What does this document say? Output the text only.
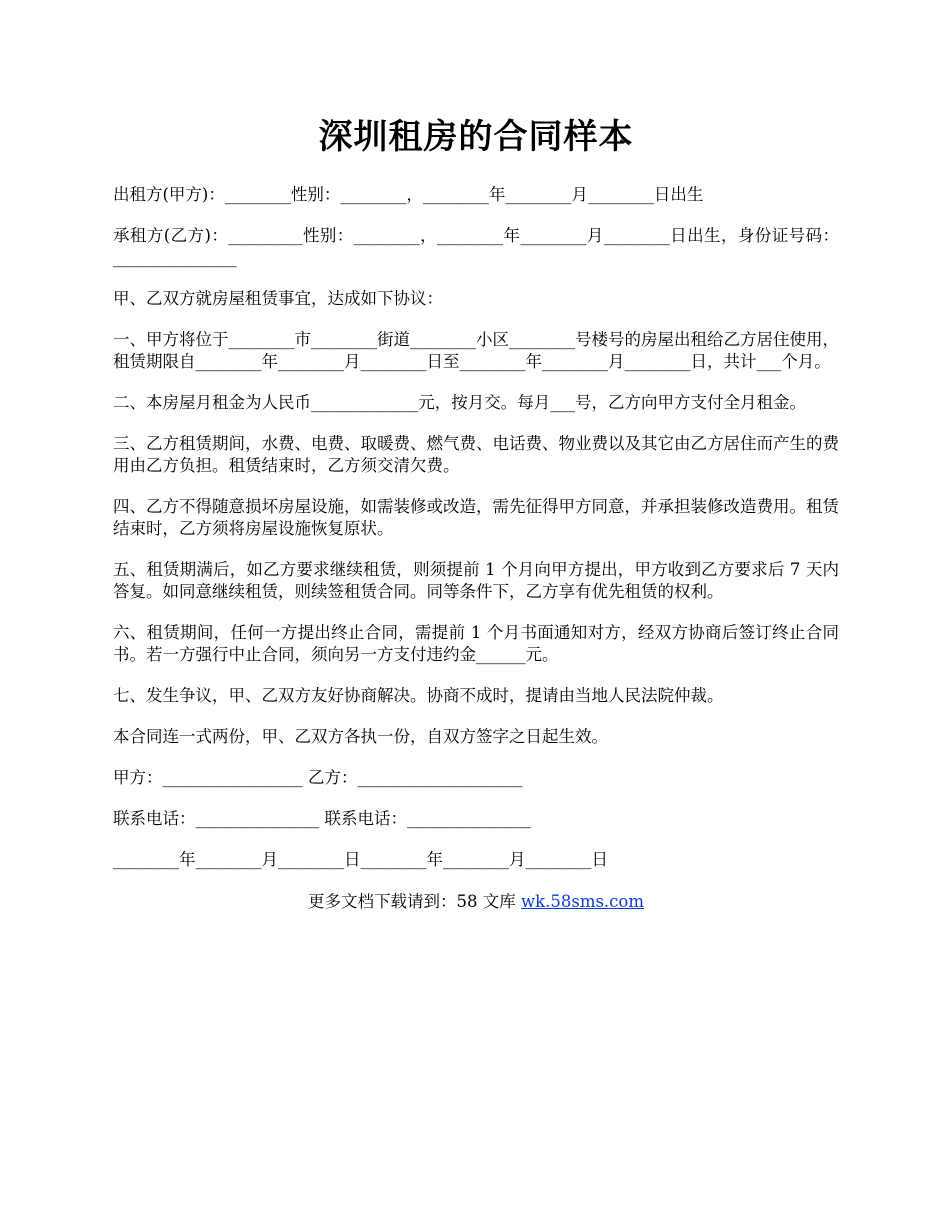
深圳租房的合同样本

出租方(甲方)：________性别：________，________年________月________日出生

承租方(乙方)：_________性别：________，________年________月________日出生，身份证号码：_______________

甲、乙双方就房屋租赁事宜，达成如下协议：

一、甲方将位于________市________街道________小区________号楼号的房屋出租给乙方居住使用，租赁期限自________年________月________日至________年________月________日，共计___个月。

二、本房屋月租金为人民币_____________元，按月交。每月___号，乙方向甲方支付全月租金。

三、乙方租赁期间，水费、电费、取暖费、燃气费、电话费、物业费以及其它由乙方居住而产生的费用由乙方负担。租赁结束时，乙方须交清欠费。

四、乙方不得随意损坏房屋设施，如需装修或改造，需先征得甲方同意，并承担装修改造费用。租赁结束时，乙方须将房屋设施恢复原状。

五、租赁期满后，如乙方要求继续租赁，则须提前 1 个月向甲方提出，甲方收到乙方要求后 7 天内答复。如同意继续租赁，则续签租赁合同。同等条件下，乙方享有优先租赁的权利。

六、租赁期间，任何一方提出终止合同，需提前 1 个月书面通知对方，经双方协商后签订终止合同书。若一方强行中止合同，须向另一方支付违约金______元。

七、发生争议，甲、乙双方友好协商解决。协商不成时，提请由当地人民法院仲裁。

本合同连一式两份，甲、乙双方各执一份，自双方签字之日起生效。

甲方：_________________ 乙方：____________________

联系电话：_______________ 联系电话：_______________

________年________月________日________年________月________日

更多文档下载请到：58 文库 wk.58sms.com
